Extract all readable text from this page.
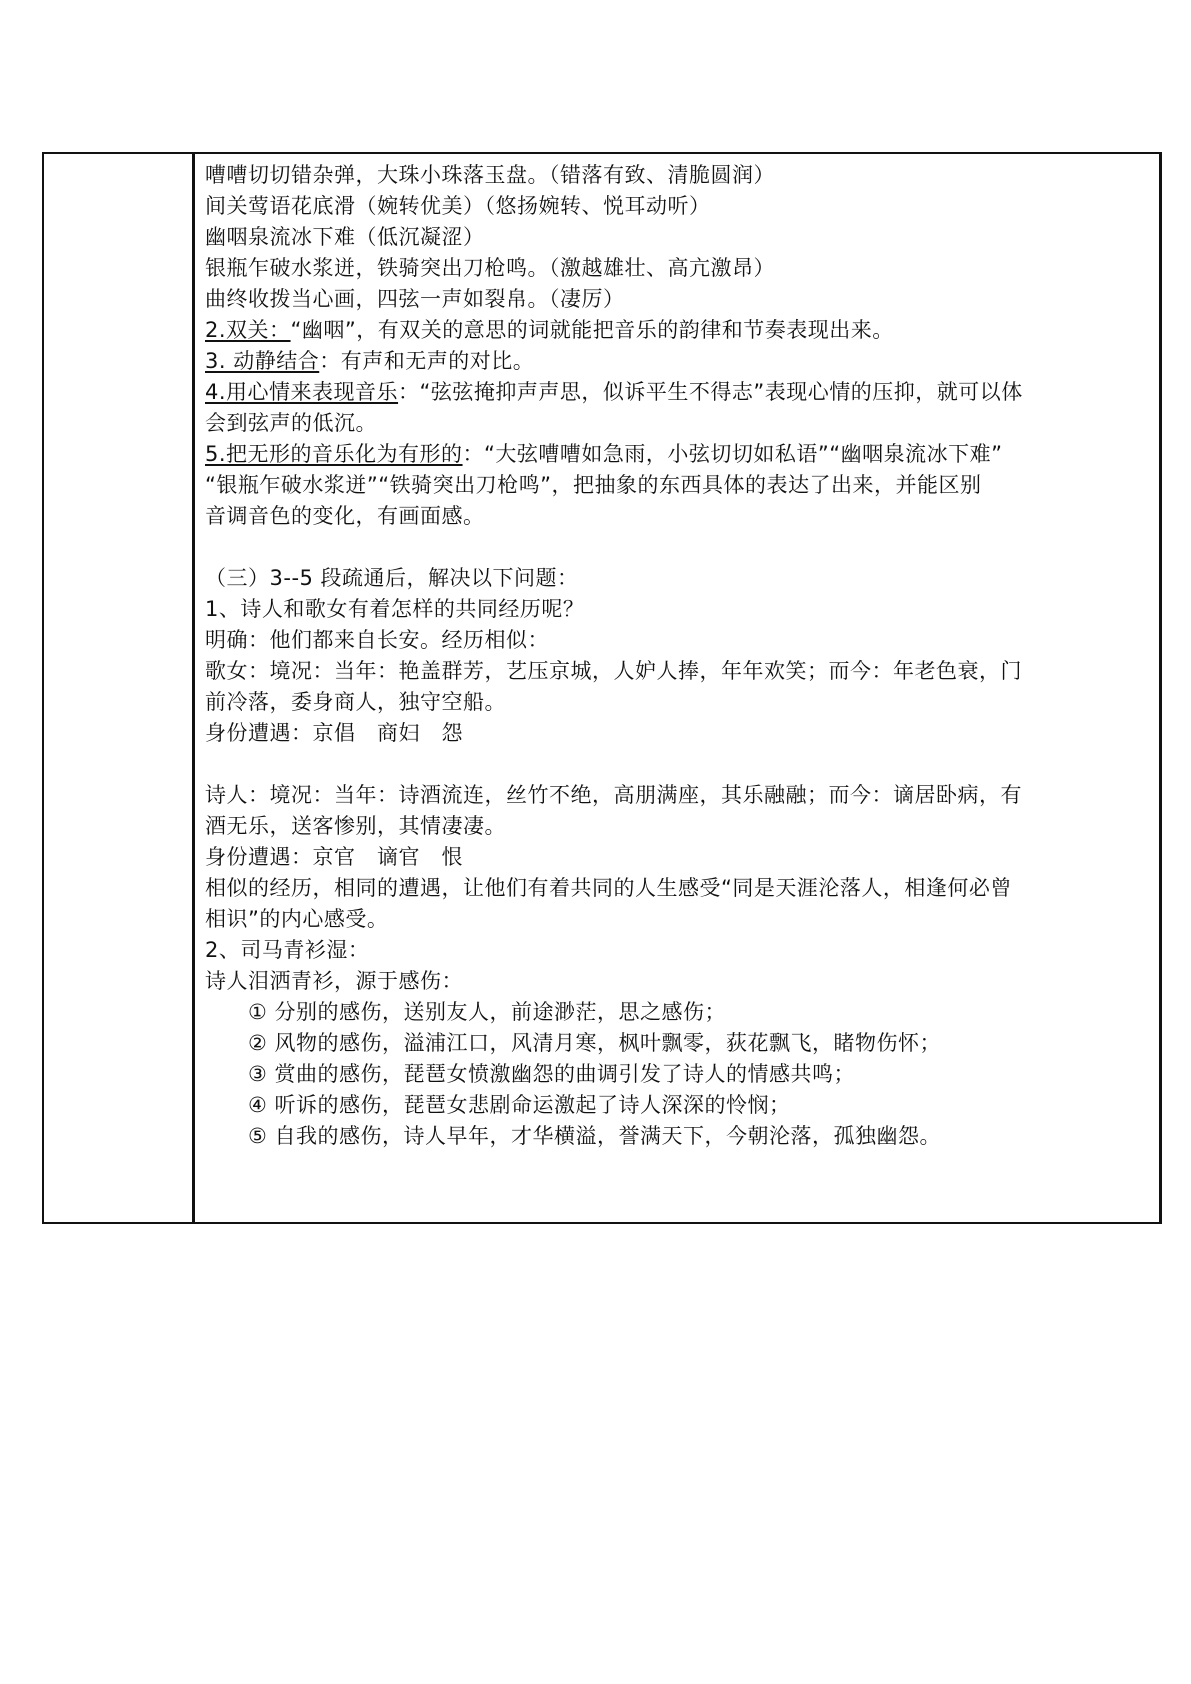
嘈嘈切切错杂弹，大珠小珠落玉盘。（错落有致、清脆圆润）
间关莺语花底滑（婉转优美）（悠扬婉转、悦耳动听）
幽咽泉流冰下难（低沉凝涩）
银瓶乍破水浆迸，铁骑突出刀枪鸣。（激越雄壮、高亢激昂）
曲终收拨当心画，四弦一声如裂帛。（凄厉）
2.双关：“幽咽”，有双关的意思的词就能把音乐的韵律和节奏表现出来。
3. 动静结合：有声和无声的对比。
4.用心情来表现音乐：“弦弦掩抑声声思，似诉平生不得志”表现心情的压抑，就可以体
会到弦声的低沉。
5.把无形的音乐化为有形的：“大弦嘈嘈如急雨，小弦切切如私语”“幽咽泉流冰下难”
“银瓶乍破水浆迸”“铁骑突出刀枪鸣”，把抽象的东西具体的表达了出来，并能区别
音调音色的变化，有画面感。
（三）3--5 段疏通后，解决以下问题：
1、诗人和歌女有着怎样的共同经历呢？
明确：他们都来自长安。经历相似：
歌女：境况：当年：艳盖群芳，艺压京城，人妒人捧，年年欢笑；而今：年老色衰，门
前冷落，委身商人，独守空船。
身份遭遇：京倡　商妇　怨
诗人：境况：当年：诗酒流连，丝竹不绝，高朋满座，其乐融融；而今：谪居卧病，有
酒无乐，送客惨别，其情凄凄。
身份遭遇：京官　谪官　恨
相似的经历，相同的遭遇，让他们有着共同的人生感受“同是天涯沦落人，相逢何必曾
相识”的内心感受。
2、司马青衫湿：
诗人泪洒青衫，源于感伤：
① 分别的感伤，送别友人，前途渺茫，思之感伤；
② 风物的感伤，溢浦江口，风清月寒，枫叶飘零，荻花飘飞，睹物伤怀；
③ 赏曲的感伤，琵琶女愤激幽怨的曲调引发了诗人的情感共鸣；
④ 听诉的感伤，琵琶女悲剧命运激起了诗人深深的怜悯；
⑤ 自我的感伤，诗人早年，才华横溢，誉满天下，今朝沦落，孤独幽怨。
